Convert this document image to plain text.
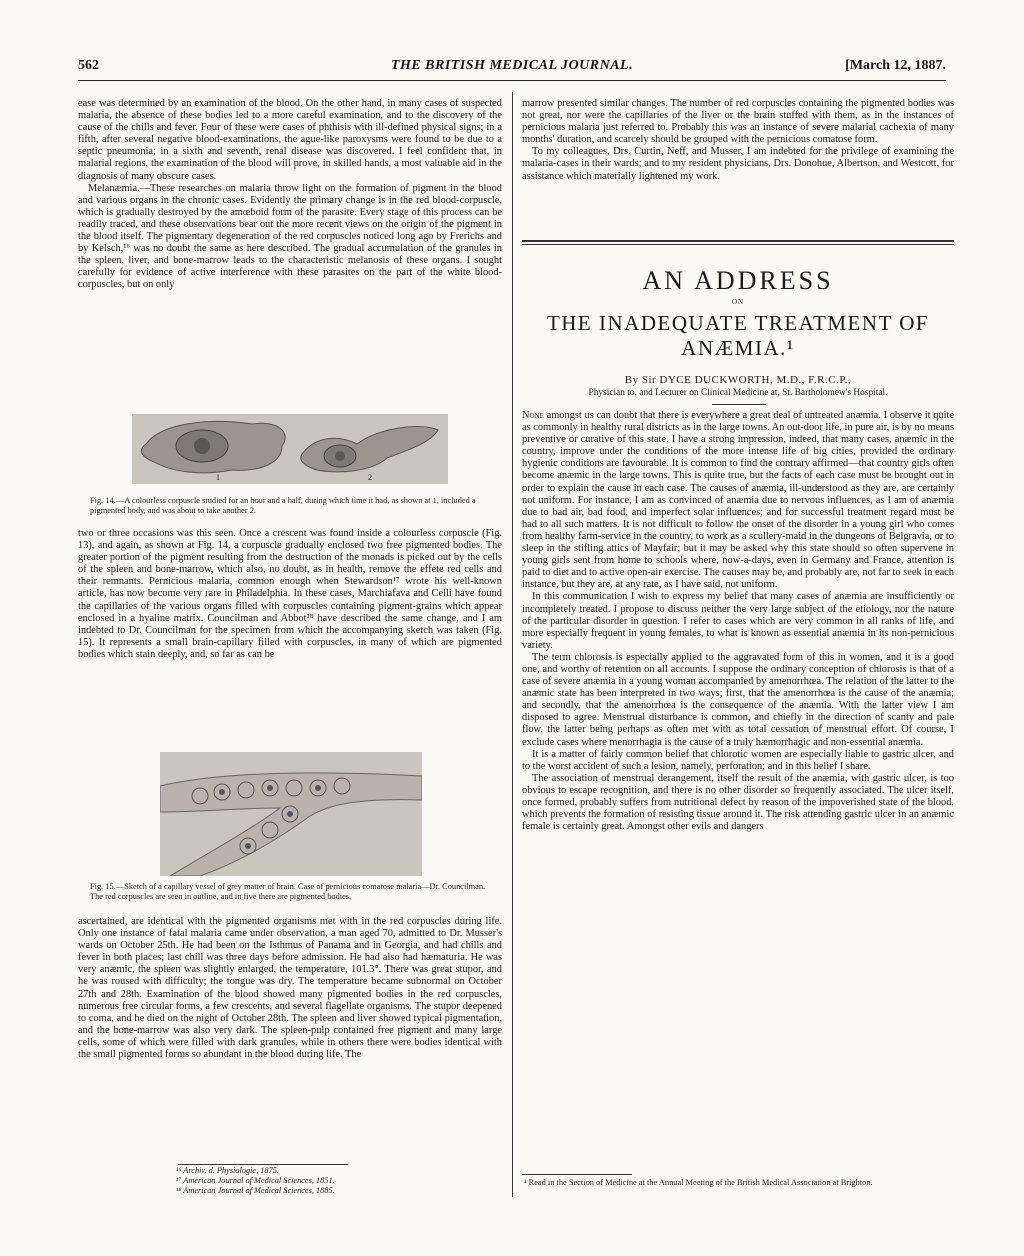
562	THE BRITISH MEDICAL JOURNAL.	[March 12, 1887.

ease was determined by an examination of the blood. On the other hand, in many cases of suspected malaria, the absence of these bodies led to a more careful examination, and to the discovery of the cause of the chills and fever. Four of these were cases of phthisis with ill-defined physical signs; in a fifth, after several negative blood-examinations, the ague-like paroxysms were found to be due to a septic pneumonia; in a sixth and seventh, renal disease was discovered. I feel confident that, in malarial regions, the examination of the blood will prove, in skilled hands, a most valuable aid in the diagnosis of many obscure cases.

Melanæmia.—These researches on malaria throw light on the formation of pigment in the blood and various organs in the chronic cases. Evidently the primary change is in the red blood-corpuscle, which is gradually destroyed by the amœboid form of the parasite. Every stage of this process can be readily traced, and these observations bear out the more recent views on the origin of the pigment in the blood itself. The pigmentary degeneration of the red corpuscles noticed long ago by Frerichs and by Kelsch,¹⁶ was no doubt the same as here described. The gradual accumulation of the granules in the spleen, liver, and bone-marrow leads to the characteristic melanosis of these organs. I sought carefully for evidence of active interference with these parasites on the part of the white blood-corpuscles, but on only

1	2
Fig. 14.—A colourless corpuscle studied for an hour and a half, during which time it had, as shown at 1, included a pigmented body, and was about to take another 2.

two or three occasions was this seen. Once a crescent was found inside a colourless corpuscle (Fig. 13), and again, as shown at Fig. 14, a corpuscle gradually enclosed two free pigmented bodies. The greater portion of the pigment resulting from the destruction of the monads is picked out by the cells of the spleen and bone-marrow, which also, no doubt, as in health, remove the effete red cells and their remnants. Pernicious malaria, common enough when Stewardson¹⁷ wrote his well-known article, has now become very rare in Philadelphia. In these cases, Marchiafava and Celli have found the capillaries of the various organs filled with corpuscles containing pigment-grains which appear enclosed in a hyaline matrix. Councilman and Abbot¹⁸ have described the same change, and I am indebted to Dr. Councilman for the specimen from which the accompanying sketch was taken (Fig. 15). It represents a small brain-capillary filled with corpuscles, in many of which are pigmented bodies which stain deeply, and, so far as can be

Fig. 15.—Sketch of a capillary vessel of grey matter of brain. Case of pernicious comatose malaria—Dr. Councilman. The red corpuscles are seen in outline, and in five there are pigmented bodies.

ascertained, are identical with the pigmented organisms met with in the red corpuscles during life. Only one instance of fatal malaria came under observation, a man aged 70, admitted to Dr. Musser's wards on October 25th. He had been on the Isthmus of Panama and in Georgia, and had chills and fever in both places; last chill was three days before admission. He had also had hæmaturia. He was very anæmic, the spleen was slightly enlarged, the temperature, 101.3°. There was great stupor, and he was roused with difficulty; the tongue was dry. The temperature became subnormal on October 27th and 28th. Examination of the blood showed many pigmented bodies in the red corpuscles, numerous free circular forms, a few crescents, and several flagellate organisms. The stupor deepened to coma, and he died on the night of October 28th. The spleen and liver showed typical pigmentation, and the bone-marrow was also very dark. The spleen-pulp contained free pigment and many large cells, some of which were filled with dark granules, while in others there were bodies identical with the small pigmented forms so abundant in the blood during life. The

¹⁶ Archiv. d. Physiologie, 1875.
¹⁷ American Journal of Medical Sciences, 1851.
¹⁸ American Journal of Medical Sciences, 1885.

marrow presented similar changes. The number of red corpuscles containing the pigmented bodies was not great, nor were the capillaries of the liver or the brain stuffed with them, as in the instances of pernicious malaria just referred to. Probably this was an instance of severe malarial cachexia of many months' duration, and scarcely should be grouped with the pernicious comatose form.

To my colleagues, Drs. Curtin, Neff, and Musser, I am indebted for the privilege of examining the malaria-cases in their wards; and to my resident physicians, Drs. Donohue, Albertson, and Westcott, for assistance which materially lightened my work.

AN ADDRESS
ON
THE INADEQUATE TREATMENT OF
ANÆMIA.¹
By Sir DYCE DUCKWORTH, M.D., F.R.C.P.,
Physician to, and Lecturer on Clinical Medicine at, St. Bartholomew's Hospital.

None amongst us can doubt that there is everywhere a great deal of untreated anæmia. I observe it quite as commonly in healthy rural districts as in the large towns. An out-door life, in pure air, is by no means preventive or curative of this state. I have a strong impression, indeed, that many cases, anæmic in the country, improve under the conditions of the more intense life of big cities, provided the ordinary hygienic conditions are favourable. It is common to find the contrary affirmed—that country girls often become anæmic in the large towns. This is quite true, but the facts of each case must be brought out in order to explain the cause in each case. The causes of anæmia, ill-understood as they are, are certainly not uniform. For instance, I am as convinced of anæmia due to nervous influences, as I am of anæmia due to bad air, bad food, and imperfect solar influences; and for successful treatment regard must be had to all such matters. It is not difficult to follow the onset of the disorder in a young girl who comes from healthy farm-service in the country, to work as a scullery-maid in the dungeons of Belgravia, or to sleep in the stifling attics of Mayfair; but it may be asked why this state should so often supervene in young girls sent from home to schools where, now-a-days, even in Germany and France, attention is paid to diet and to active open-air exercise. The causes may be, and probably are, not far to seek in each instance, but they are, at any rate, as I have said, not uniform.

In this communication I wish to express my belief that many cases of anæmia are insufficiently or incompletely treated. I propose to discuss neither the very large subject of the etiology, nor the nature of the particular disorder in question. I refer to cases which are very common in all ranks of life, and more especially frequent in young females, to what is known as essential anæmia in its non-pernicious variety.

The term chlorosis is especially applied to the aggravated form of this in women, and it is a good one, and worthy of retention on all accounts. I suppose the ordinary conception of chlorosis is that of a case of severe anæmia in a young woman accompanied by amenorrhœa. The relation of the latter to the anæmic state has been interpreted in two ways; first, that the amenorrhœa is the cause of the anæmia; and secondly, that the amenorrhœa is the consequence of the anæmia. With the latter view I am disposed to agree. Menstrual disturbance is common, and chiefly in the direction of scanty and pale flow, the latter being perhaps as often met with as total cessation of menstrual effort. Of course, I exclude cases where menorrhagia is the cause of a truly hæmorrhagic and non-essential anæmia.

It is a matter of fairly common belief that chlorotic women are especially liable to gastric ulcer, and to the worst accident of such a lesion, namely, perforation; and in this belief I share.

The association of menstrual derangement, itself the result of the anæmia, with gastric ulcer, is too obvious to escape recognition, and there is no other disorder so frequently associated. The ulcer itself, once formed, probably suffers from nutritional defect by reason of the impoverished state of the blood, which prevents the formation of resisting tissue around it. The risk attending gastric ulcer in an anæmic female is certainly great. Amongst other evils and dangers

¹ Read in the Section of Medicine at the Annual Meeting of the British Medical Association at Brighton.
